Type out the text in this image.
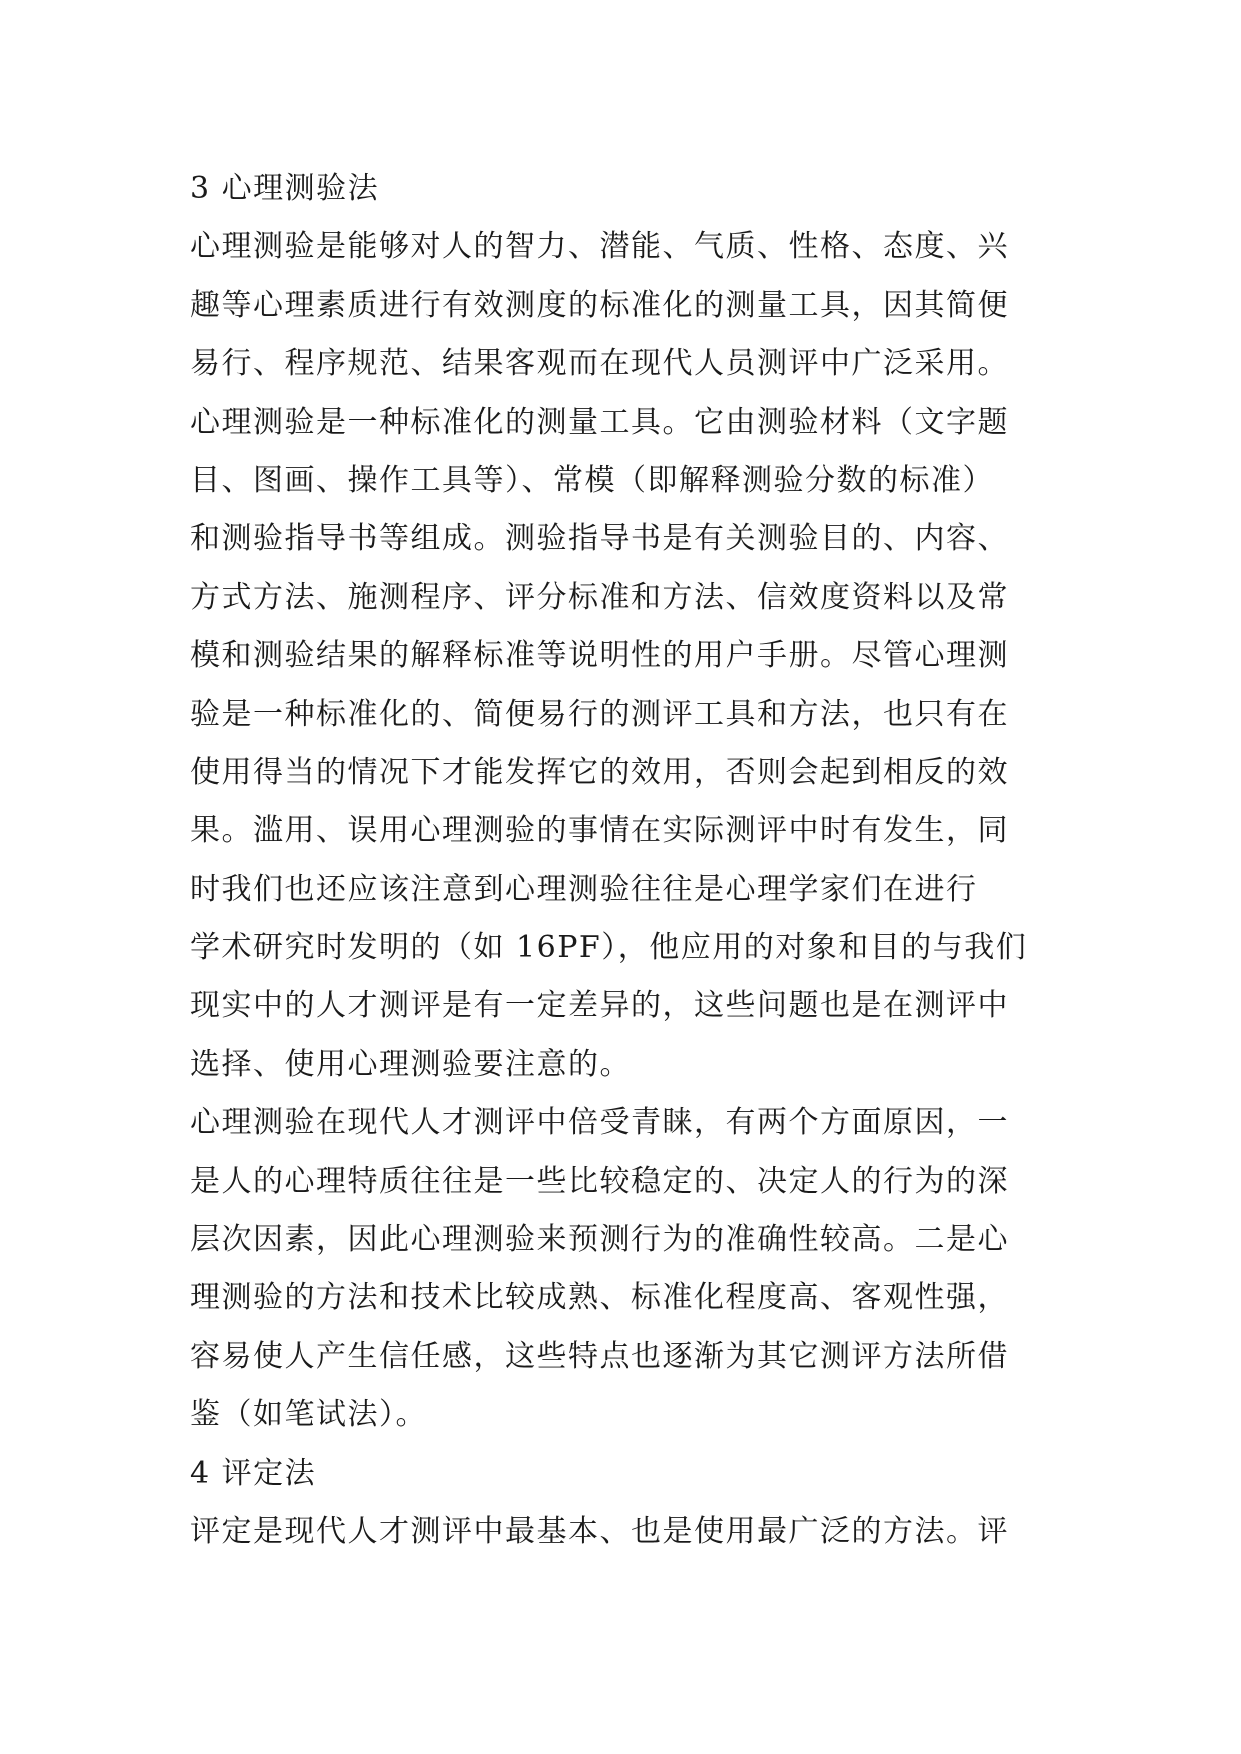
3 心理测验法
心理测验是能够对人的智力、潜能、气质、性格、态度、兴
趣等心理素质进行有效测度的标准化的测量工具，因其简便
易行、程序规范、结果客观而在现代人员测评中广泛采用。
心理测验是一种标准化的测量工具。它由测验材料（文字题
目、图画、操作工具等）、常模（即解释测验分数的标准）
和测验指导书等组成。测验指导书是有关测验目的、内容、
方式方法、施测程序、评分标准和方法、信效度资料以及常
模和测验结果的解释标准等说明性的用户手册。尽管心理测
验是一种标准化的、简便易行的测评工具和方法，也只有在
使用得当的情况下才能发挥它的效用，否则会起到相反的效
果。滥用、误用心理测验的事情在实际测评中时有发生，同
时我们也还应该注意到心理测验往往是心理学家们在进行
学术研究时发明的（如 16PF），他应用的对象和目的与我们
现实中的人才测评是有一定差异的，这些问题也是在测评中
选择、使用心理测验要注意的。
心理测验在现代人才测评中倍受青睐，有两个方面原因，一
是人的心理特质往往是一些比较稳定的、决定人的行为的深
层次因素，因此心理测验来预测行为的准确性较高。二是心
理测验的方法和技术比较成熟、标准化程度高、客观性强，
容易使人产生信任感，这些特点也逐渐为其它测评方法所借
鉴（如笔试法）。
4 评定法
评定是现代人才测评中最基本、也是使用最广泛的方法。评
